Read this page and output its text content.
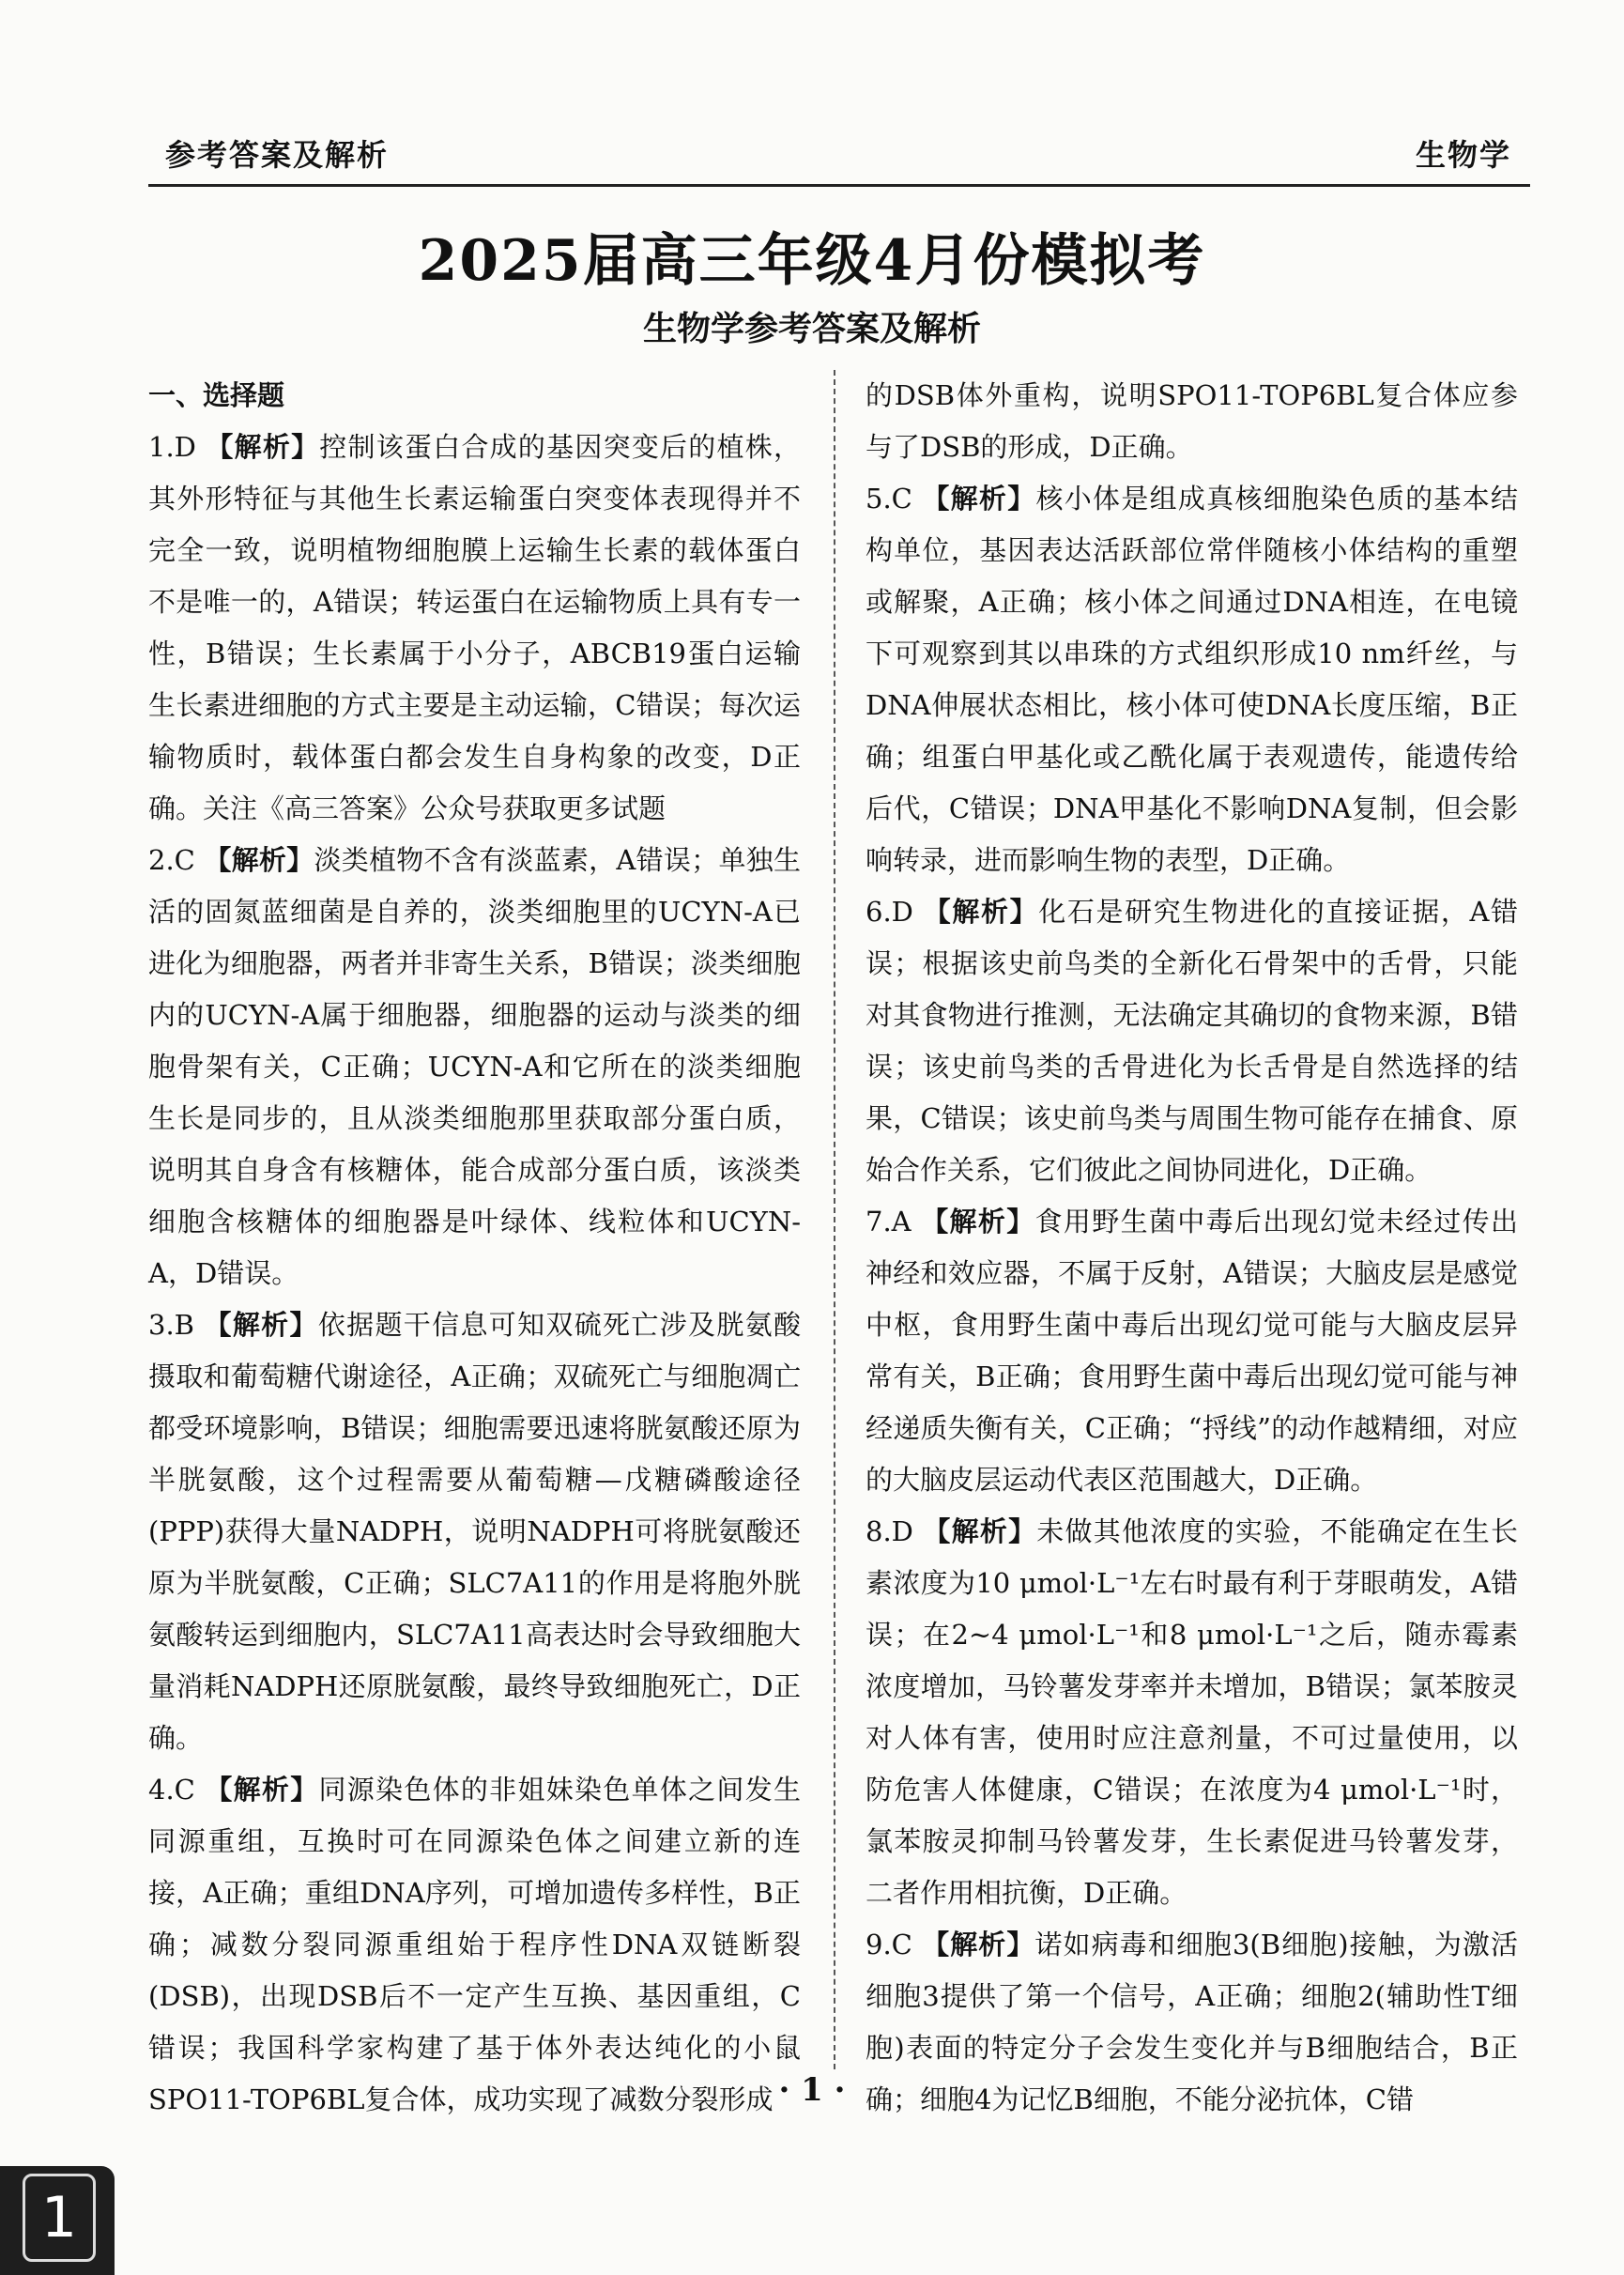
参考答案及解析	生物学
2025届高三年级4月份模拟考
生物学参考答案及解析
一、选择题

1.D 【解析】控制该蛋白合成的基因突变后的植株，其外形特征与其他生长素运输蛋白突变体表现得并不完全一致，说明植物细胞膜上运输生长素的载体蛋白不是唯一的，A错误；转运蛋白在运输物质上具有专一性，B错误；生长素属于小分子，ABCB19蛋白运输生长素进细胞的方式主要是主动运输，C错误；每次运输物质时，载体蛋白都会发生自身构象的改变，D正确。关注《高三答案》公众号获取更多试题

2.C 【解析】淡类植物不含有淡蓝素，A错误；单独生活的固氮蓝细菌是自养的，淡类细胞里的UCYN-A已进化为细胞器，两者并非寄生关系，B错误；淡类细胞内的UCYN-A属于细胞器，细胞器的运动与淡类的细胞骨架有关，C正确；UCYN-A和它所在的淡类细胞生长是同步的，且从淡类细胞那里获取部分蛋白质，说明其自身含有核糖体，能合成部分蛋白质，该淡类细胞含核糖体的细胞器是叶绿体、线粒体和UCYN-A，D错误。

3.B 【解析】依据题干信息可知双硫死亡涉及胱氨酸摄取和葡萄糖代谢途径，A正确；双硫死亡与细胞凋亡都受环境影响，B错误；细胞需要迅速将胱氨酸还原为半胱氨酸，这个过程需要从葡萄糖—戊糖磷酸途径(PPP)获得大量NADPH，说明NADPH可将胱氨酸还原为半胱氨酸，C正确；SLC7A11的作用是将胞外胱氨酸转运到细胞内，SLC7A11高表达时会导致细胞大量消耗NADPH还原胱氨酸，最终导致细胞死亡，D正确。

4.C 【解析】同源染色体的非姐妹染色单体之间发生同源重组，互换时可在同源染色体之间建立新的连接，A正确；重组DNA序列，可增加遗传多样性，B正确；减数分裂同源重组始于程序性DNA双链断裂(DSB)，出现DSB后不一定产生互换、基因重组，C错误；我国科学家构建了基于体外表达纯化的小鼠SPO11-TOP6BL复合体，成功实现了减数分裂形成

的DSB体外重构，说明SPO11-TOP6BL复合体应参与了DSB的形成，D正确。

5.C 【解析】核小体是组成真核细胞染色质的基本结构单位，基因表达活跃部位常伴随核小体结构的重塑或解聚，A正确；核小体之间通过DNA相连，在电镜下可观察到其以串珠的方式组织形成10 nm纤丝，与DNA伸展状态相比，核小体可使DNA长度压缩，B正确；组蛋白甲基化或乙酰化属于表观遗传，能遗传给后代，C错误；DNA甲基化不影响DNA复制，但会影响转录，进而影响生物的表型，D正确。

6.D 【解析】化石是研究生物进化的直接证据，A错误；根据该史前鸟类的全新化石骨架中的舌骨，只能对其食物进行推测，无法确定其确切的食物来源，B错误；该史前鸟类的舌骨进化为长舌骨是自然选择的结果，C错误；该史前鸟类与周围生物可能存在捕食、原始合作关系，它们彼此之间协同进化，D正确。

7.A 【解析】食用野生菌中毒后出现幻觉未经过传出神经和效应器，不属于反射，A错误；大脑皮层是感觉中枢，食用野生菌中毒后出现幻觉可能与大脑皮层异常有关，B正确；食用野生菌中毒后出现幻觉可能与神经递质失衡有关，C正确；“捋线”的动作越精细，对应的大脑皮层运动代表区范围越大，D正确。

8.D 【解析】未做其他浓度的实验，不能确定在生长素浓度为10 μmol·L⁻¹左右时最有利于芽眼萌发，A错误；在2~4 μmol·L⁻¹和8 μmol·L⁻¹之后，随赤霉素浓度增加，马铃薯发芽率并未增加，B错误；氯苯胺灵对人体有害，使用时应注意剂量，不可过量使用，以防危害人体健康，C错误；在浓度为4 μmol·L⁻¹时，氯苯胺灵抑制马铃薯发芽，生长素促进马铃薯发芽，二者作用相抗衡，D正确。

9.C 【解析】诺如病毒和细胞3(B细胞)接触，为激活细胞3提供了第一个信号，A正确；细胞2(辅助性T细胞)表面的特定分子会发生变化并与B细胞结合，B正确；细胞4为记忆B细胞，不能分泌抗体，C错

· 1 ·
1
